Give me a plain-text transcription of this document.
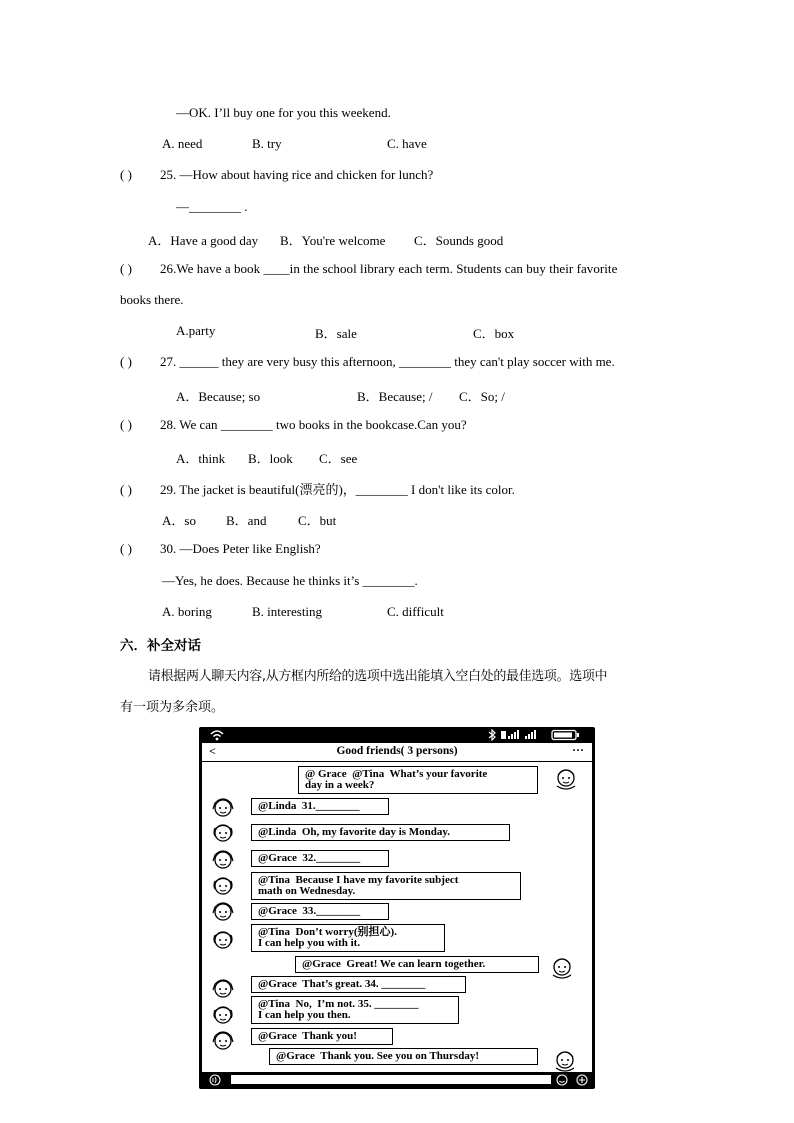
—OK. I’ll buy one for you this weekend.
A. need	B. try	C. have
( ) 25. —How about having rice and chicken for lunch?
—________ .
A．Have a good day B．You're welcome C．Sounds good
( ) 26.We have a book ____in the school library each term. Students can buy their favorite
books there.
A.party	B．sale	C．box
( ) 27. ______ they are very busy this afternoon, ________ they can't play soccer with me.
A．Because; so	B．Because; / C．So; /
( ) 28. We can ________ two books in the bookcase.Can you?
A．think B．look C．see
( ) 29. The jacket is beautiful(漂亮的)，________ I don't like its color.
A．so B．and C．but
( ) 30. —Does Peter like English?
—Yes, he does. Because he thinks it’s ________.
A. boring	B. interesting	C. difficult
六．补全对话
请根据两人聊天内容,从方框内所给的选项中选出能填入空白处的最佳选项。选项中
有一项为多余项。
<	Good friends( 3 persons)	···
@ Grace  @Tina  What’s your favorite
day in a week?
@Linda  31.________
@Linda  Oh, my favorite day is Monday.
@Grace  32.________
@Tina  Because I have my favorite subject
math on Wednesday.
@Grace  33.________
@Tina  Don’t worry(别担心).
I can help you with it.
@Grace  Great! We can learn together.
@Grace  That’s great. 34. ________
@Tina  No,  I’m not. 35. ________
I can help you then.
@Grace  Thank you!
@Grace  Thank you. See you on Thursday!
